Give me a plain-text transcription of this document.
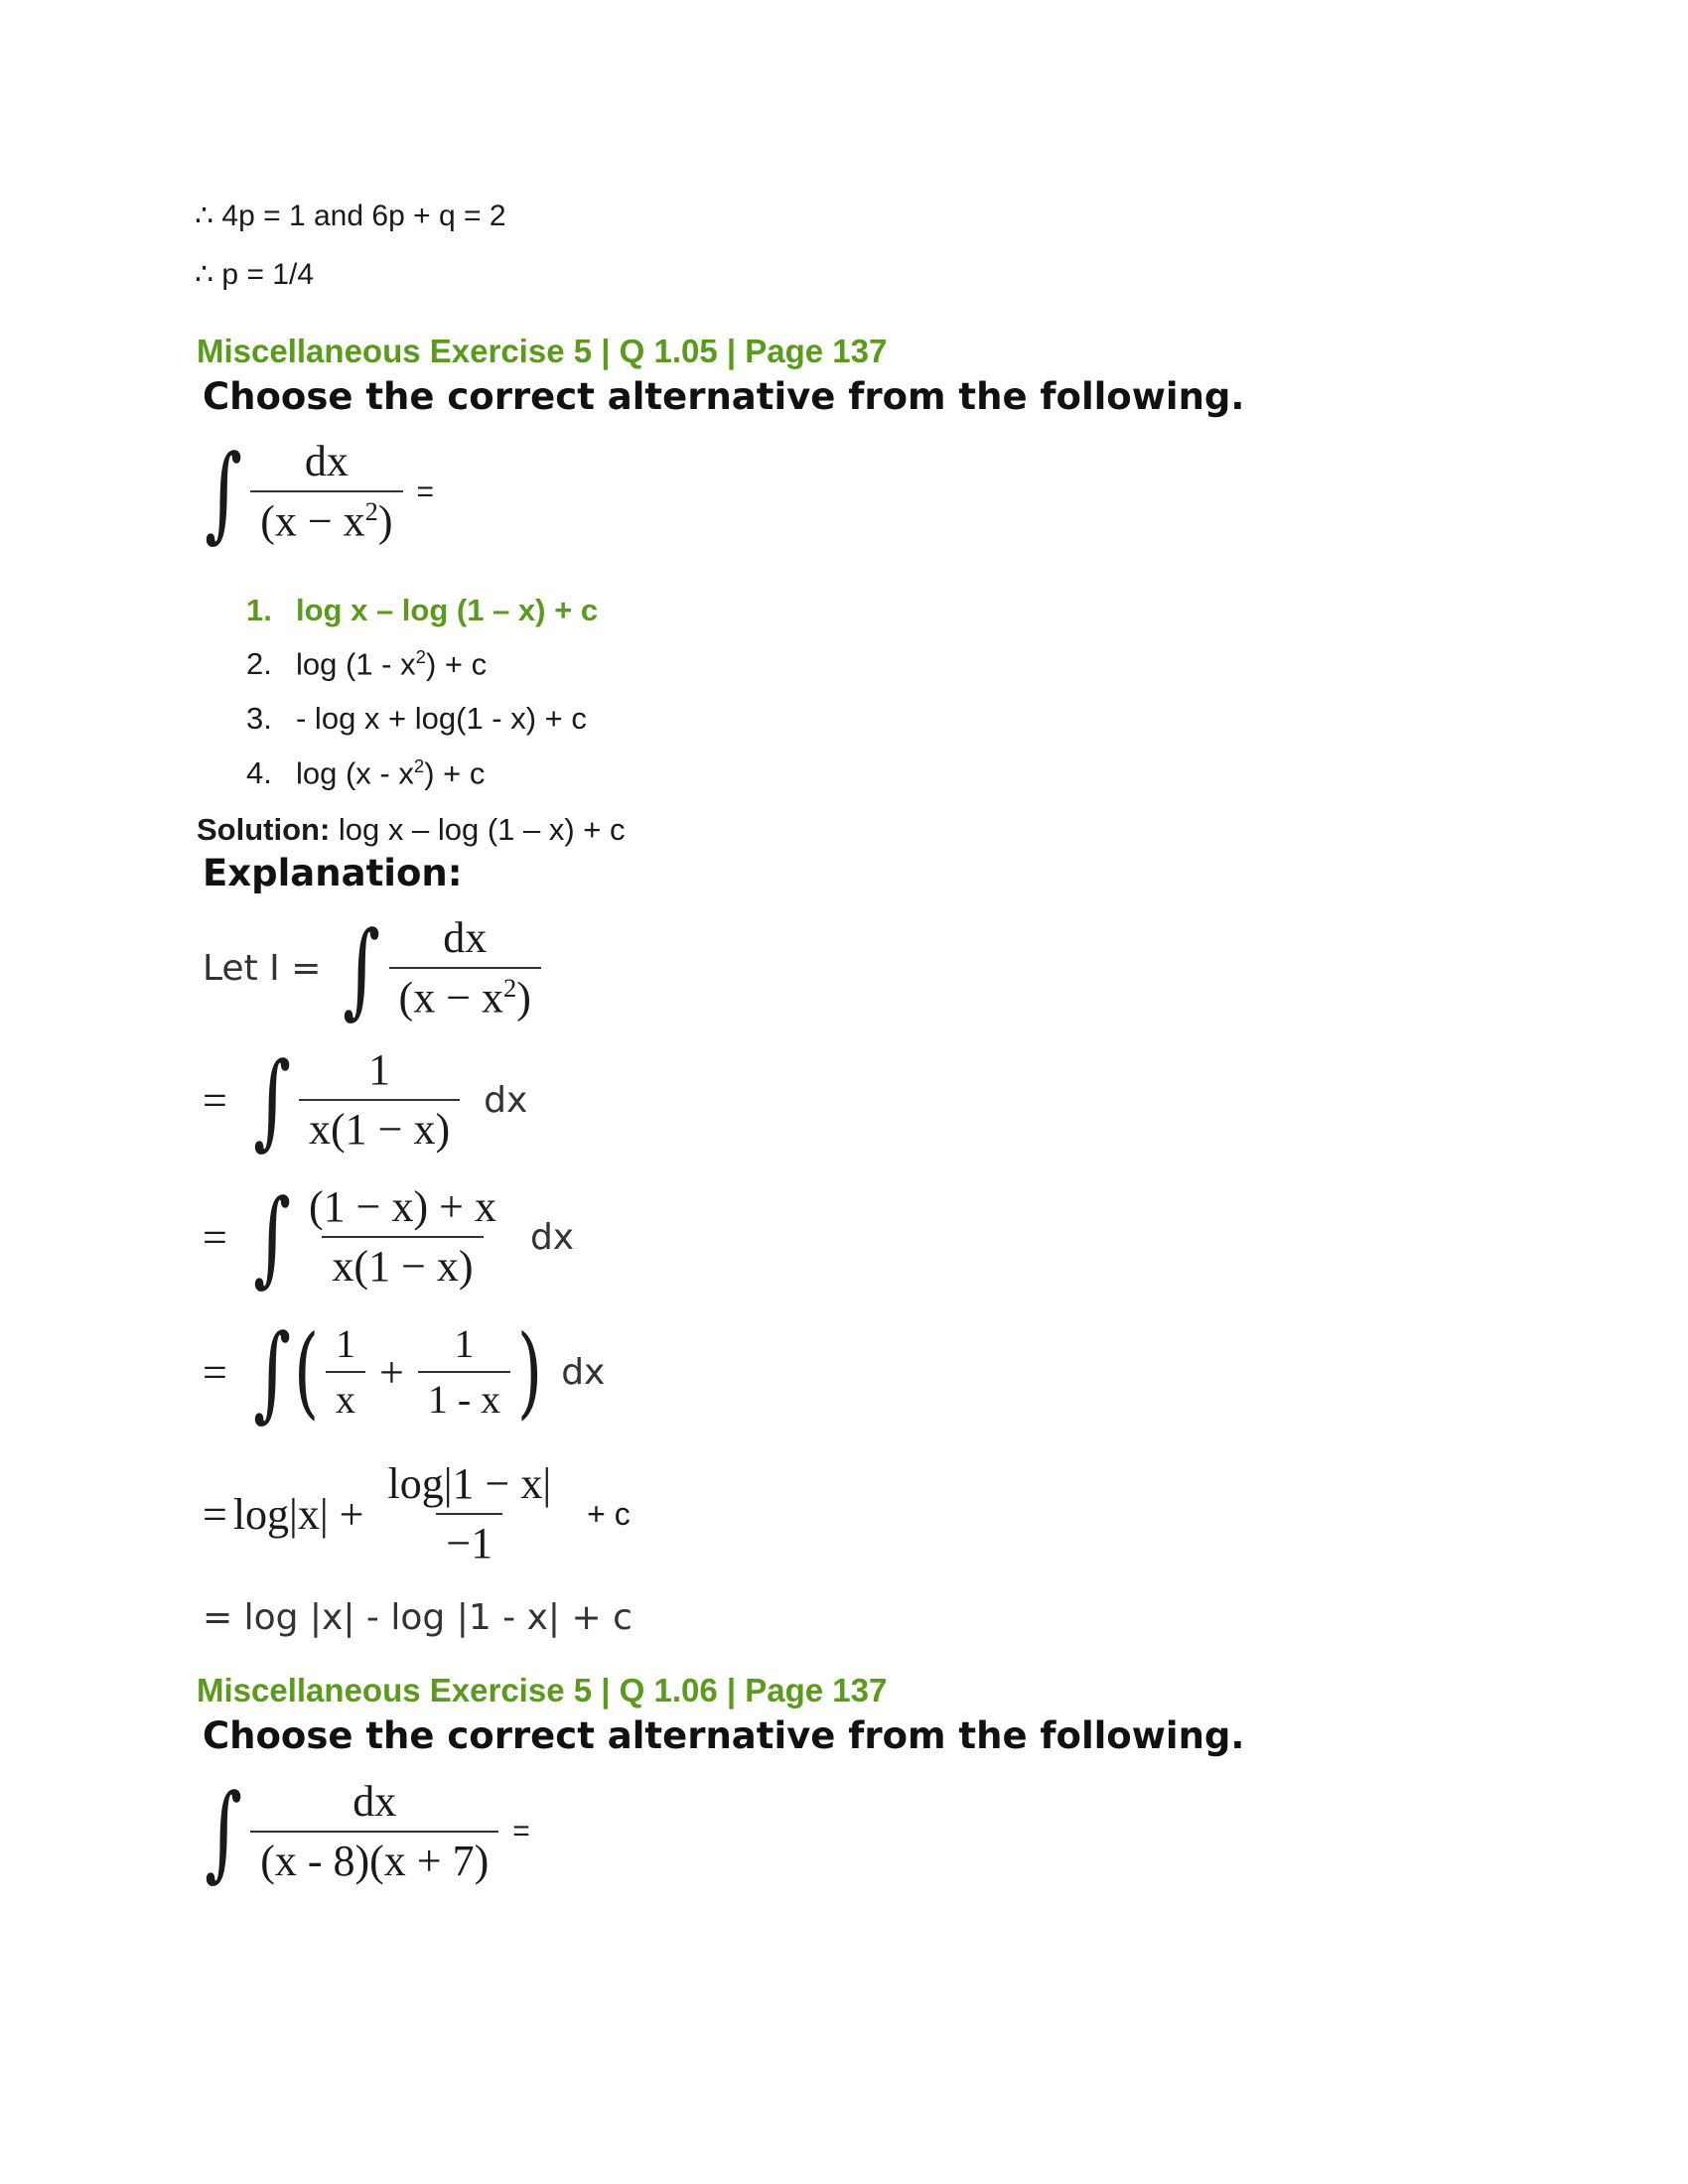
∴ 4p = 1 and 6p + q = 2
∴ p = 1/4
Miscellaneous Exercise 5 | Q 1.05 | Page 137
Choose the correct alternative from the following.
∫ $\frac{dx}{(x - x^2)}$ =
1. log x – log (1 – x) + c
2. $\log (1 - x^2) + c$
3. - log x + log(1 - x) + c
4. $\log (x - x^2) + c$
Solution: log x – log (1 – x) + c
Explanation:
Let I = ∫ $\frac{dx}{(x - x^2)}$
= ∫ $\frac{1}{x(1 - x)}$ dx
= ∫ $\frac{(1 - x) + x}{x(1 - x)}$ dx
= ∫ ( $\frac{1}{x} + \frac{1}{1 - x}$ ) dx
= $\log|x| + \frac{\log|1 - x|}{-1} + c$
= log |x| - log |1 - x| + c
Miscellaneous Exercise 5 | Q 1.06 | Page 137
Choose the correct alternative from the following.
∫ $\frac{dx}{(x - 8)(x + 7)}$ =
